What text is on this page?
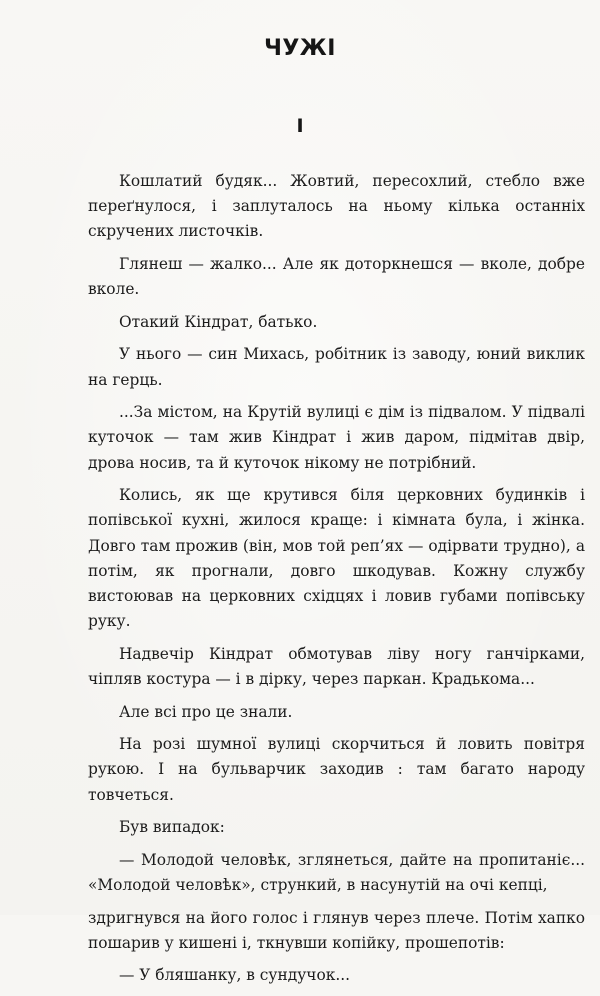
ЧУЖІ
І

Кошлатий будяк... Жовтий, пересохлий, стебло вже переґнулося, і заплуталось на ньому кілька останніх скручених листочків.

Глянеш — жалко... Але як доторкнешся — вколе, добре вколе.

Отакий Кіндрат, батько.

У нього — син Михась, робітник із заводу, юний виклик на герць.

...За містом, на Крутій вулиці є дім із підвалом. У підвалі куточок — там жив Кіндрат і жив даром, підмітав двір, дрова носив, та й куточок нікому не потрібний.

Колись, як ще крутився біля церковних будинків і попівської кухні, жилося краще: і кімната була, і жінка. Довго там прожив (він, мов той реп’ях — одірвати трудно), а потім, як прогнали, довго шкодував. Кожну службу вистоював на церковних східцях і ловив губами попівську руку.

Надвечір Кіндрат обмотував ліву ногу ганчірками, чіпляв костура — і в дірку, через паркан. Крадькома...

Але всі про це знали.

На розі шумної вулиці скорчиться й ловить повітря рукою. І на бульварчик заходив : там багато народу товчеться.

Був випадок:

— Молодой человѣк, зглянеться, дайте на пропитаніє... «Молодой человѣк», стрункий, в насунутій на очі кепці,

здригнувся на його голос і глянув через плече. Потім хапко пошарив у кишені і, ткнувши копійку, прошепотів:

— У бляшанку, в сундучок...
